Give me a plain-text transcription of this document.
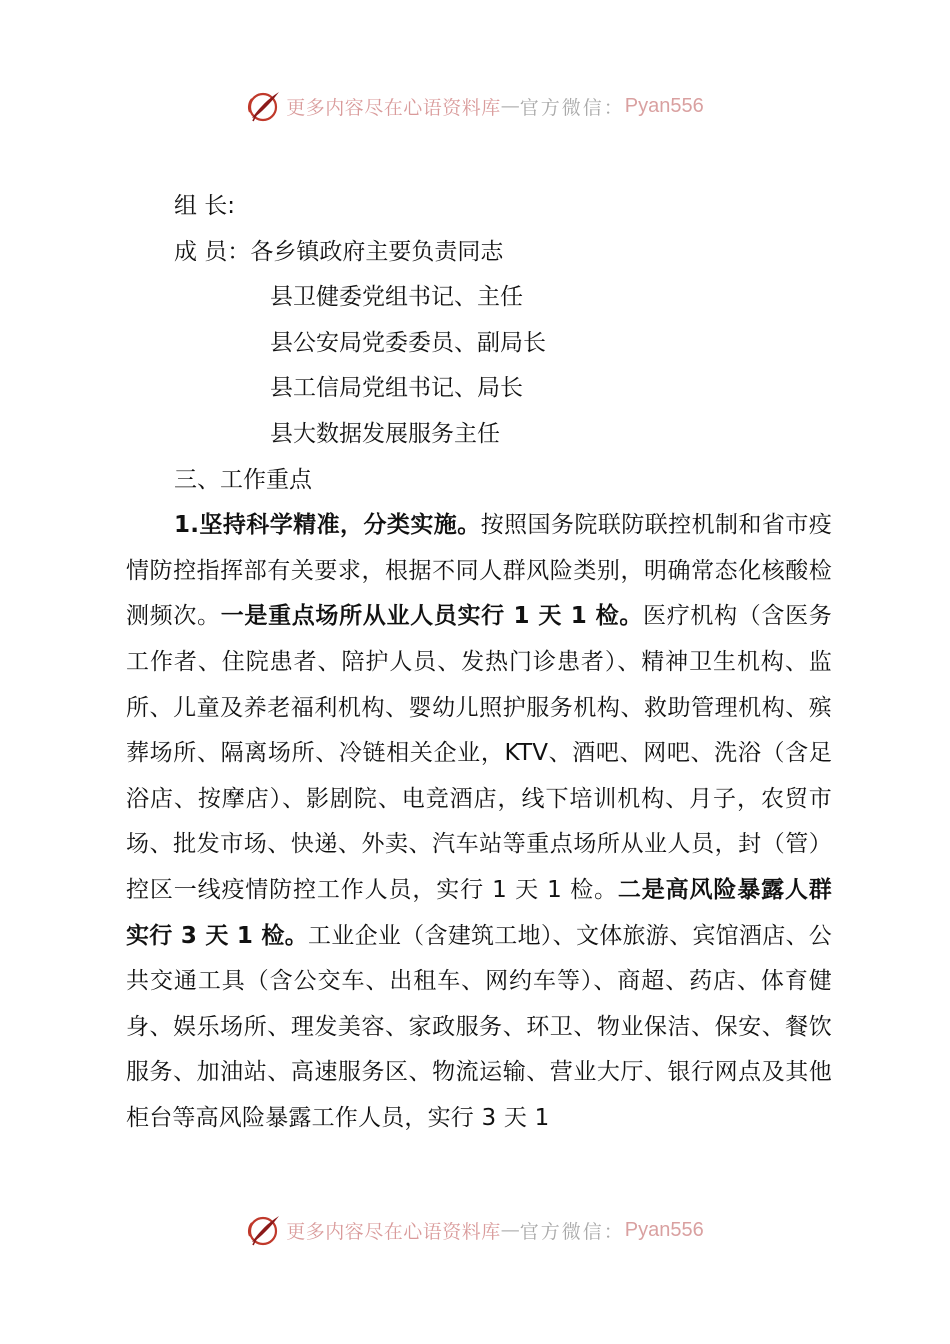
更多内容尽在心语资料库 — 官方微信： Pyan556
组 长:
成 员：各乡镇政府主要负责同志
县卫健委党组书记、主任
县公安局党委委员、副局长
县工信局党组书记、局长
县大数据发展服务主任
三、工作重点
1.坚持科学精准，分类实施。按照国务院联防联控机制和省市疫情防控指挥部有关要求，根据不同人群风险类别，明确常态化核酸检测频次。一是重点场所从业人员实行 1 天 1 检。医疗机构（含医务工作者、住院患者、陪护人员、发热门诊患者）、精神卫生机构、监所、儿童及养老福利机构、婴幼儿照护服务机构、救助管理机构、殡葬场所、隔离场所、冷链相关企业，KTV、酒吧、网吧、洗浴（含足浴店、按摩店）、影剧院、电竞酒店，线下培训机构、月子，农贸市场、批发市场、快递、外卖、汽车站等重点场所从业人员，封（管）控区一线疫情防控工作人员，实行 1 天 1 检。二是高风险暴露人群实行 3 天 1 检。工业企业（含建筑工地）、文体旅游、宾馆酒店、公共交通工具（含公交车、出租车、网约车等）、商超、药店、体育健身、娱乐场所、理发美容、家政服务、环卫、物业保洁、保安、餐饮服务、加油站、高速服务区、物流运输、营业大厅、银行网点及其他柜台等高风险暴露工作人员，实行 3 天 1
更多内容尽在心语资料库 — 官方微信： Pyan556
